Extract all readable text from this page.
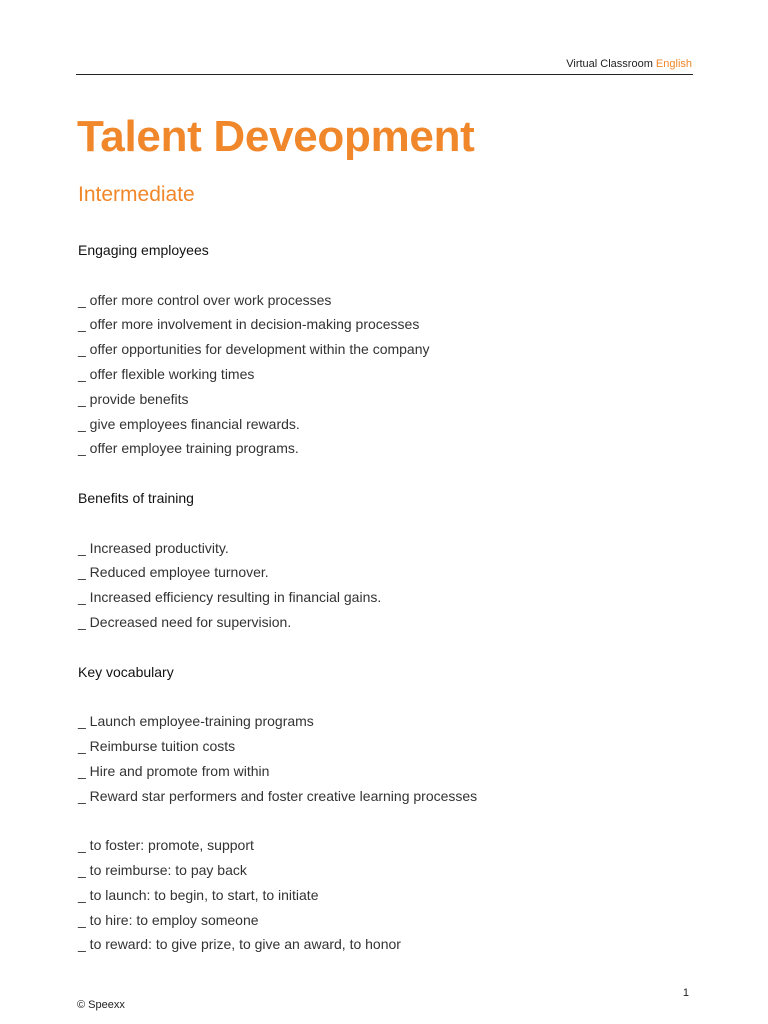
Virtual Classroom English
Talent Deveopment
Intermediate
Engaging employees
_ offer more control over work processes
_ offer more involvement in decision-making processes
_ offer opportunities for development within the company
_ offer flexible working times
_ provide benefits
_ give employees financial rewards.
_ offer employee training programs.
Benefits of training
_ Increased productivity.
_ Reduced employee turnover.
_ Increased efficiency resulting in financial gains.
_ Decreased need for supervision.
Key vocabulary
_ Launch employee-training programs
_ Reimburse tuition costs
_ Hire and promote from within
_ Reward star performers and foster creative learning processes
_ to foster: promote, support
_ to reimburse: to pay back
_ to launch: to begin, to start, to initiate
_ to hire: to employ someone
_ to reward: to give prize, to give an award, to honor
© Speexx
1
